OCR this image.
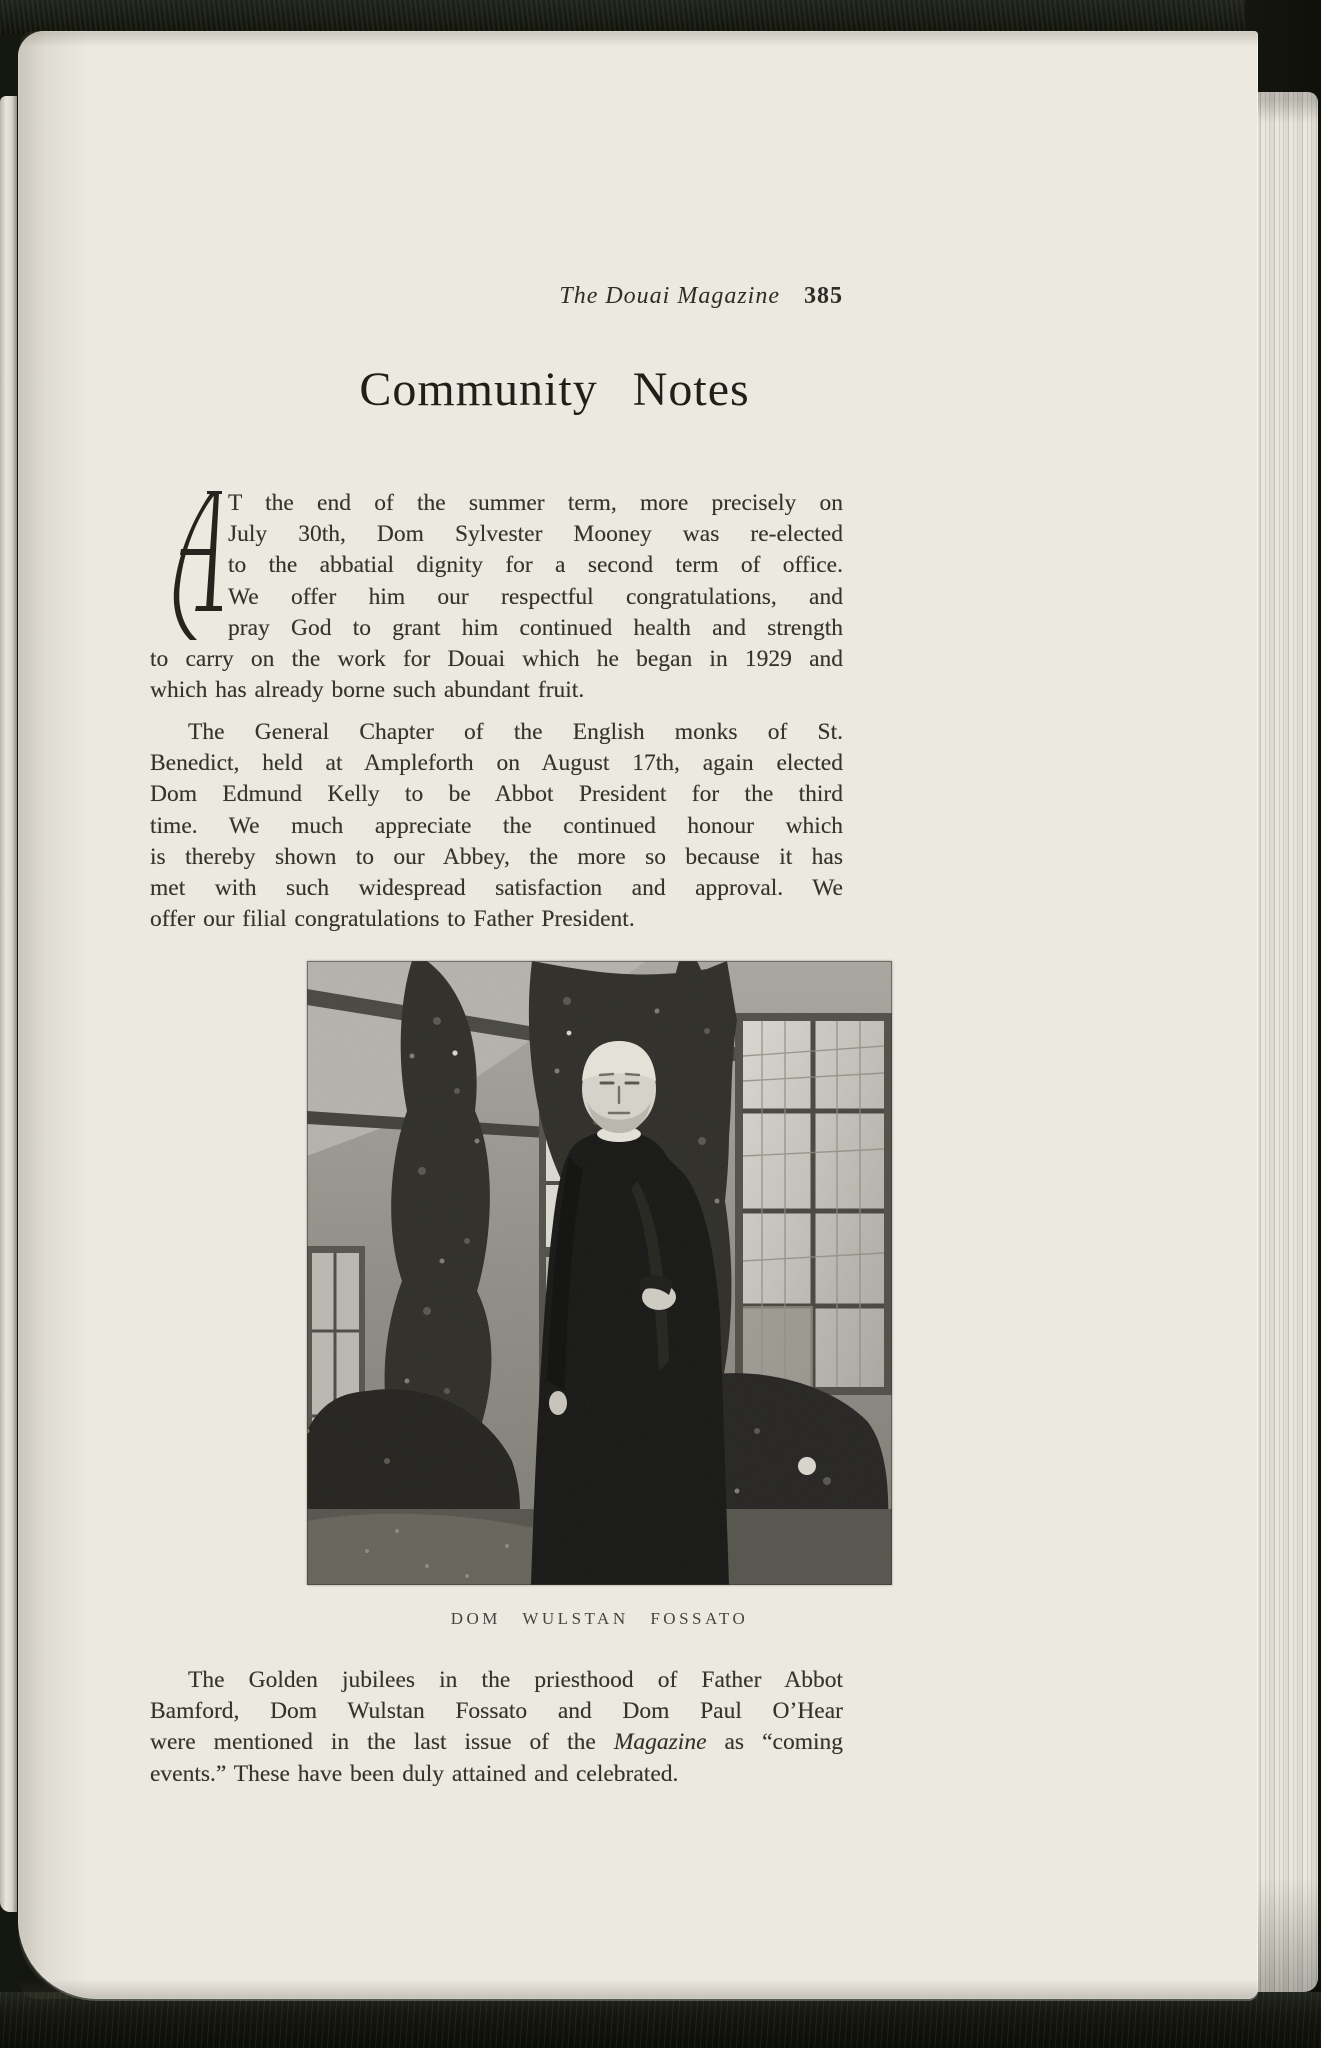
The Douai Magazine 385
Community Notes
T the end of the summer term, more precisely on
July 30th, Dom Sylvester Mooney was re-elected
to the abbatial dignity for a second term of office.
We offer him our respectful congratulations, and
pray God to grant him continued health and strength
to carry on the work for Douai which he began in 1929 and
which has already borne such abundant fruit.
The General Chapter of the English monks of St.
Benedict, held at Ampleforth on August 17th, again elected
Dom Edmund Kelly to be Abbot President for the third
time. We much appreciate the continued honour which
is thereby shown to our Abbey, the more so because it has
met with such widespread satisfaction and approval. We
offer our filial congratulations to Father President.
DOM WULSTAN FOSSATO
The Golden jubilees in the priesthood of Father Abbot
Bamford, Dom Wulstan Fossato and Dom Paul O’Hear
were mentioned in the last issue of the Magazine as “coming
events.” These have been duly attained and celebrated.
